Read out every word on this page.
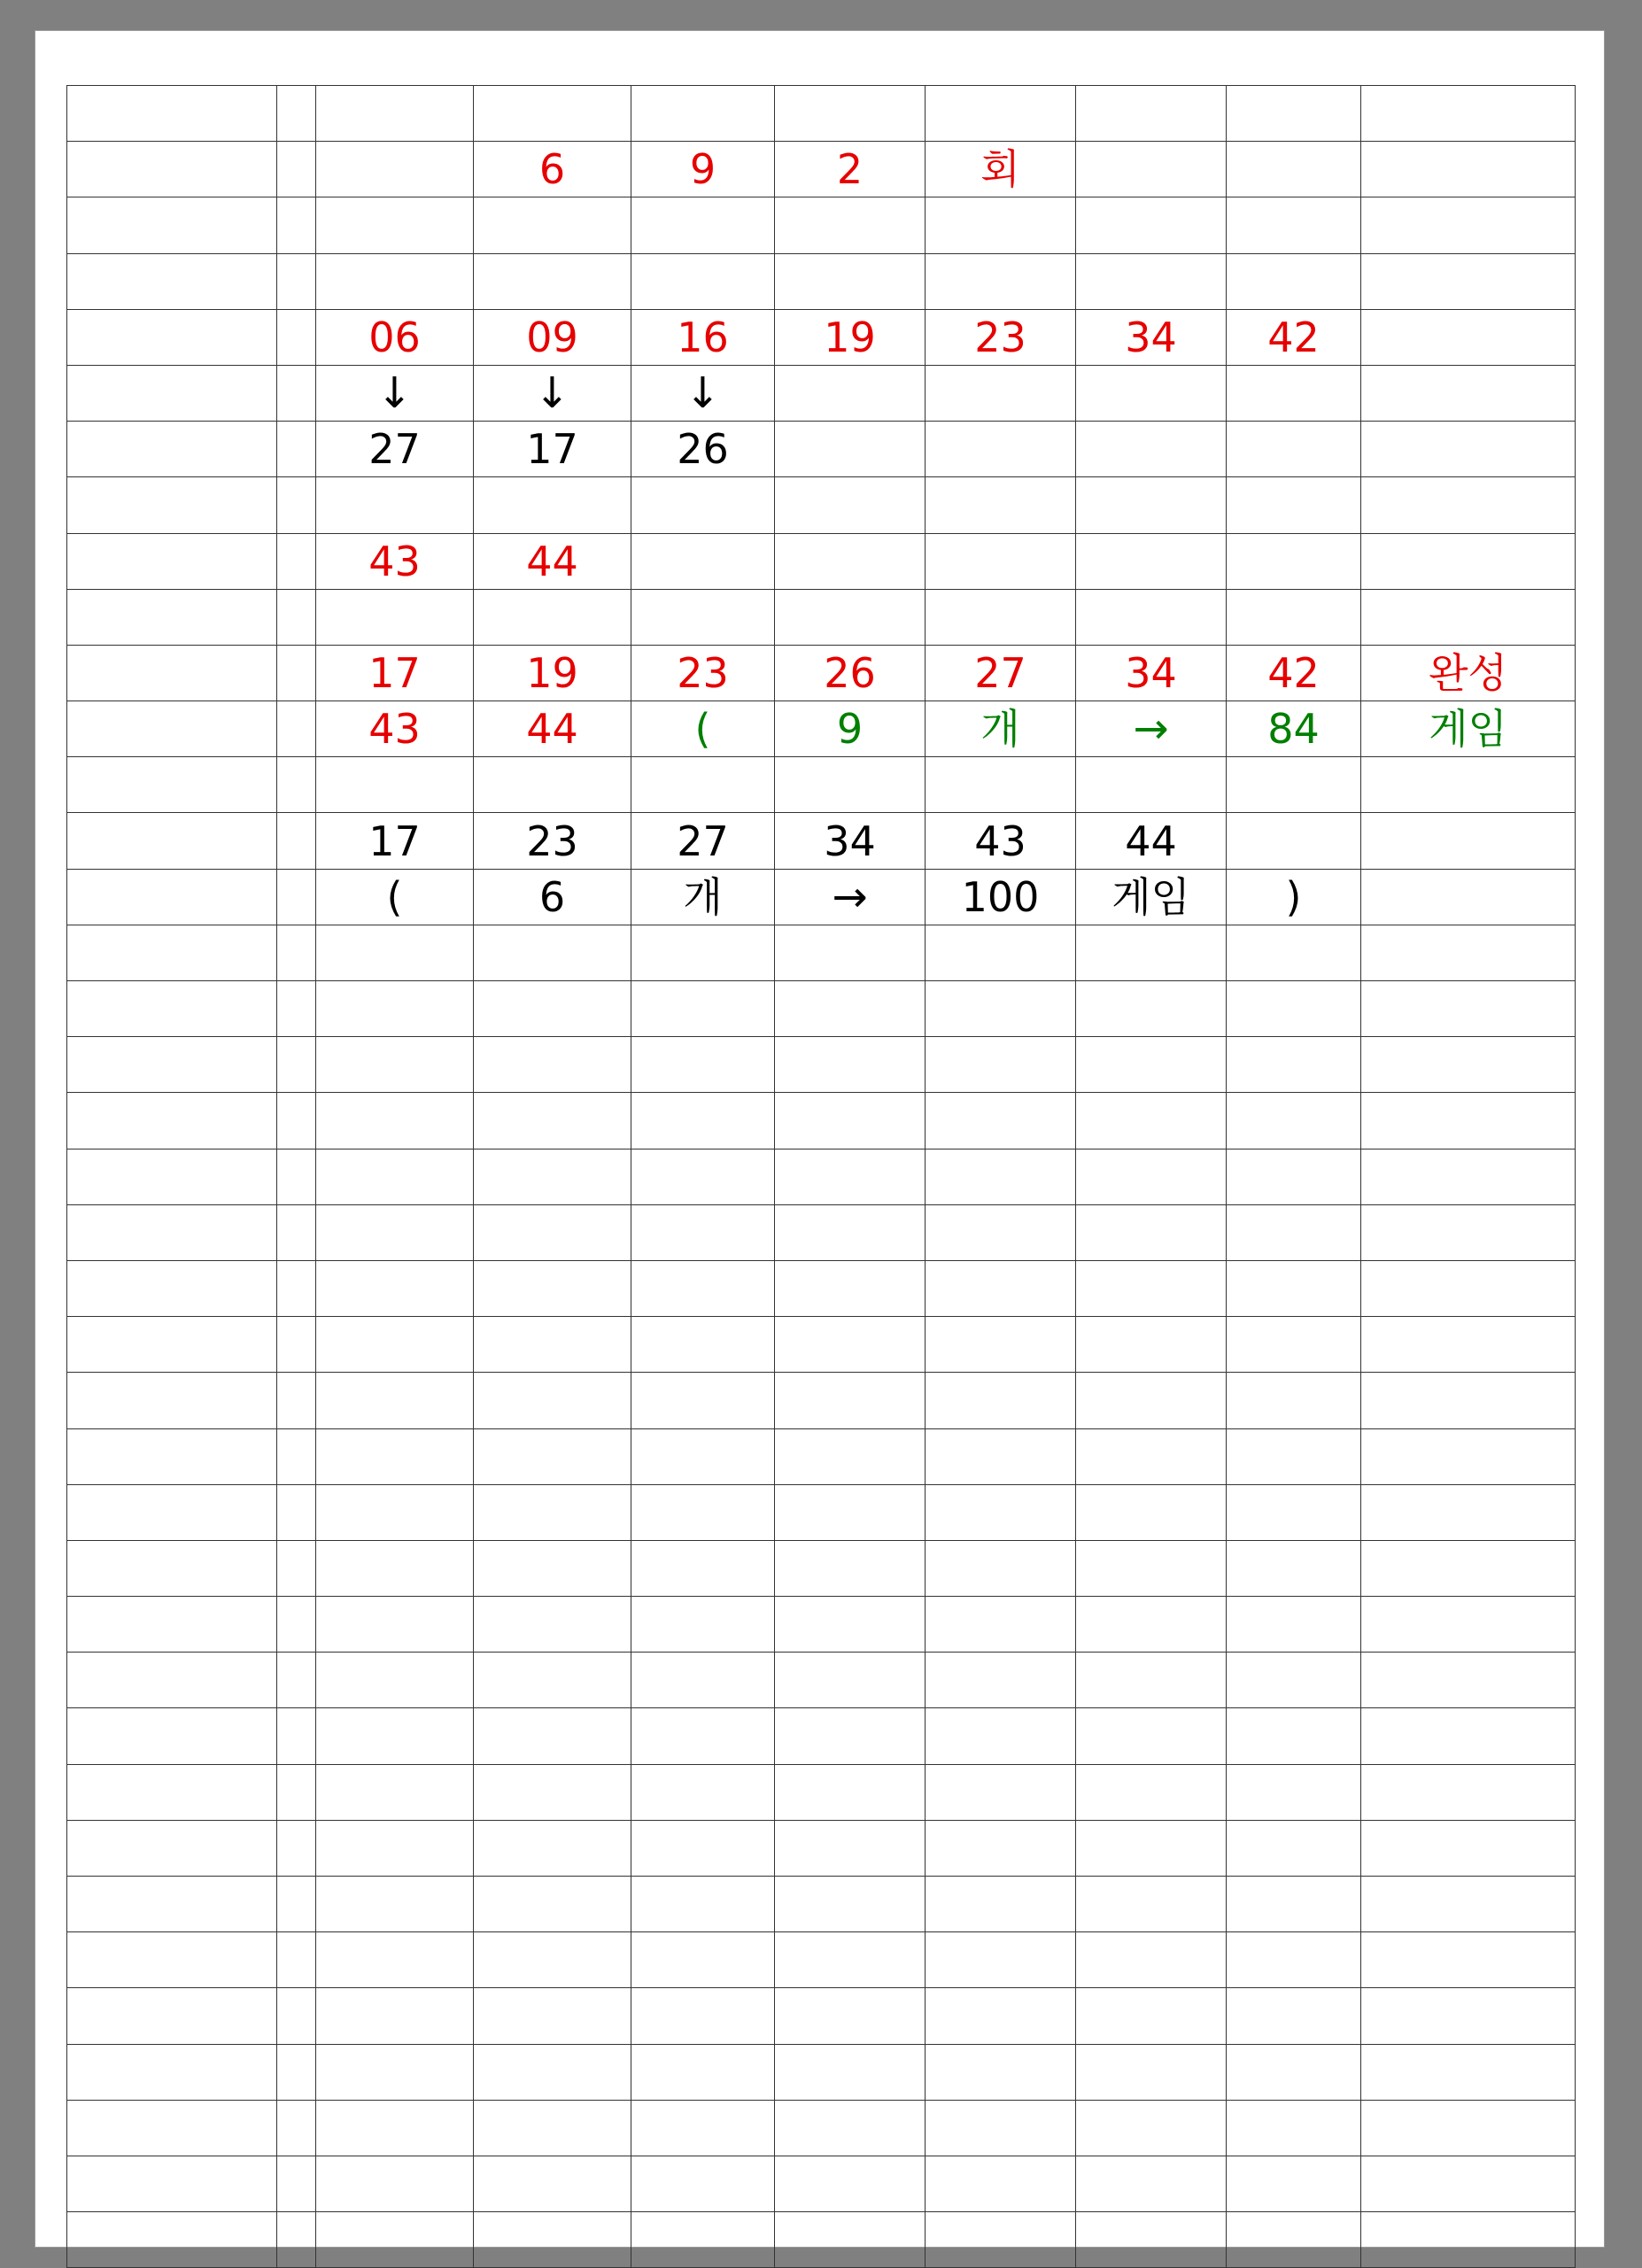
			6	9	2	회			

		06	09	16	19	23	34	42	
		↓	↓	↓					
		27	17	26					

		43	44						

		17	19	23	26	27	34	42	완성
		43	44	(	9	개	→	84	게임

		17	23	27	34	43	44		
		(	6	개	→	100	게임	)	
